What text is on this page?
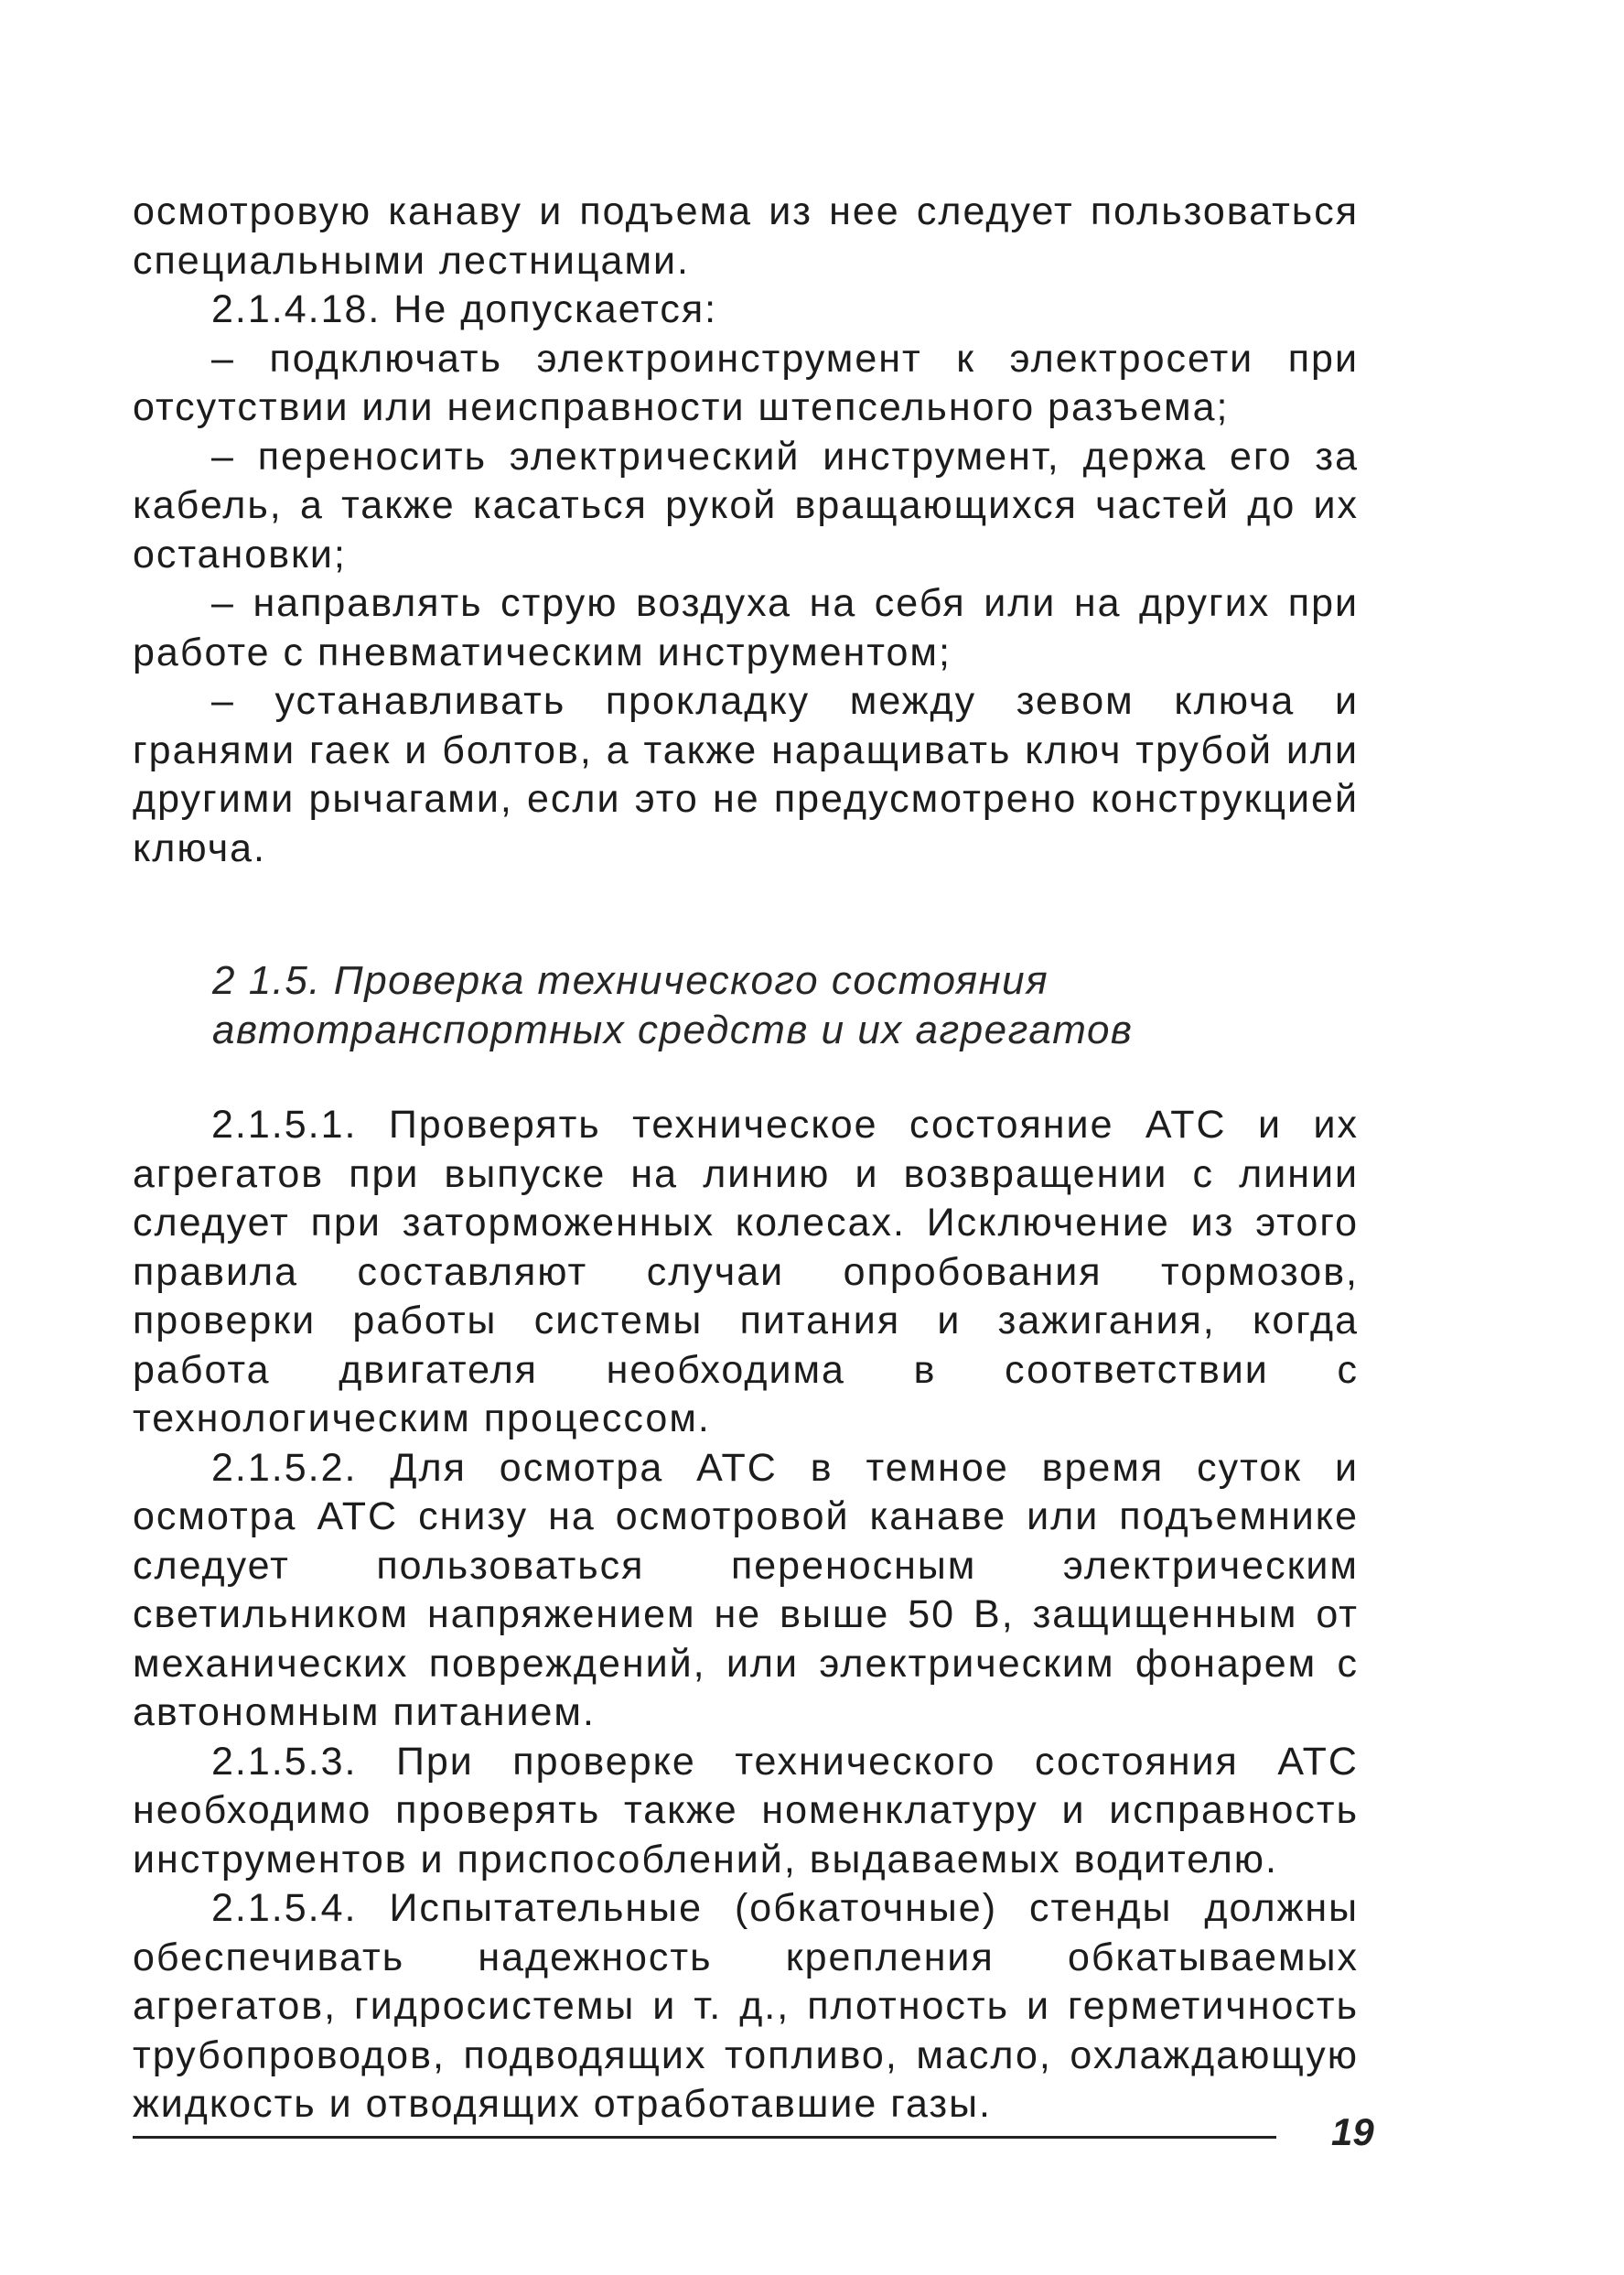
осмотровую канаву и подъема из нее следует пользоваться специальными лестницами.

2.1.4.18. Не допускается:

– подключать электроинструмент к электросети при отсутствии или неисправности штепсельного разъема;

– переносить электрический инструмент, держа его за кабель, а также касаться рукой вращающихся частей до их остановки;

– направлять струю воздуха на себя или на других при работе с пневматическим инструментом;

– устанавливать прокладку между зевом ключа и гранями гаек и болтов, а также наращивать ключ трубой или другими рычагами, если это не предусмотрено конструкцией ключа.

2 1.5. Проверка технического состояния
автотранспортных средств и их агрегатов

2.1.5.1. Проверять техническое состояние АТС и их агрегатов при выпуске на линию и возвращении с линии следует при заторможенных колесах. Исключение из этого правила составляют случаи опробования тормозов, проверки работы системы питания и зажигания, когда работа двигателя необходима в соответствии с технологическим процессом.

2.1.5.2. Для осмотра АТС в темное время суток и осмотра АТС снизу на осмотровой канаве или подъемнике следует пользоваться переносным электрическим светильником напряжением не выше 50 В, защищенным от механических повреждений, или электрическим фонарем с автономным питанием.

2.1.5.3. При проверке технического состояния АТС необходимо проверять также номенклатуру и исправность инструментов и приспособлений, выдаваемых водителю.

2.1.5.4. Испытательные (обкаточные) стенды должны обеспечивать надежность крепления обкатываемых агрегатов, гидросистемы и т. д., плотность и герметичность трубопроводов, подводящих топливо, масло, охлаждающую жидкость и отводящих отработавшие газы.

19
